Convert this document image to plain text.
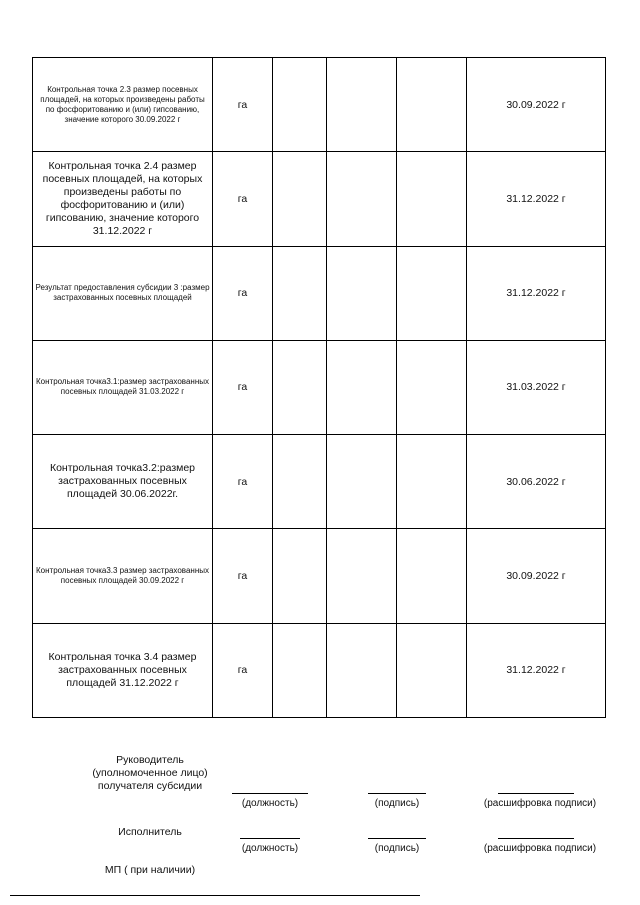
Контрольная точка 2.3 размер посевных площадей, на которых произведены работы по фосфоритованию и (или) гипсованию, значение которого 30.09.2022 г	га				30.09.2022 г
Контрольная точка 2.4 размер посевных площадей, на которых произведены работы по фосфоритованию и (или) гипсованию, значение которого 31.12.2022 г	га				31.12.2022 г
Результат предоставления субсидии 3 :размер застрахованных посевных площадей	га				31.12.2022 г
Контрольная точка3.1:размер застрахованных посевных площадей 31.03.2022 г	га				31.03.2022 г
Контрольная точка3.2:размер застрахованных посевных площадей 30.06.2022г.	га				30.06.2022 г
Контрольная точка3.3 размер застрахованных посевных площадей 30.09.2022 г	га				30.09.2022 г
Контрольная точка 3.4 размер застрахованных посевных площадей 31.12.2022 г	га				31.12.2022 г
Руководитель
(уполномоченное лицо)
получателя субсидии
(должность)	(подпись)	(расшифровка подписи)
Исполнитель
(должность)	(подпись)	(расшифровка подписи)
МП ( при наличии)
